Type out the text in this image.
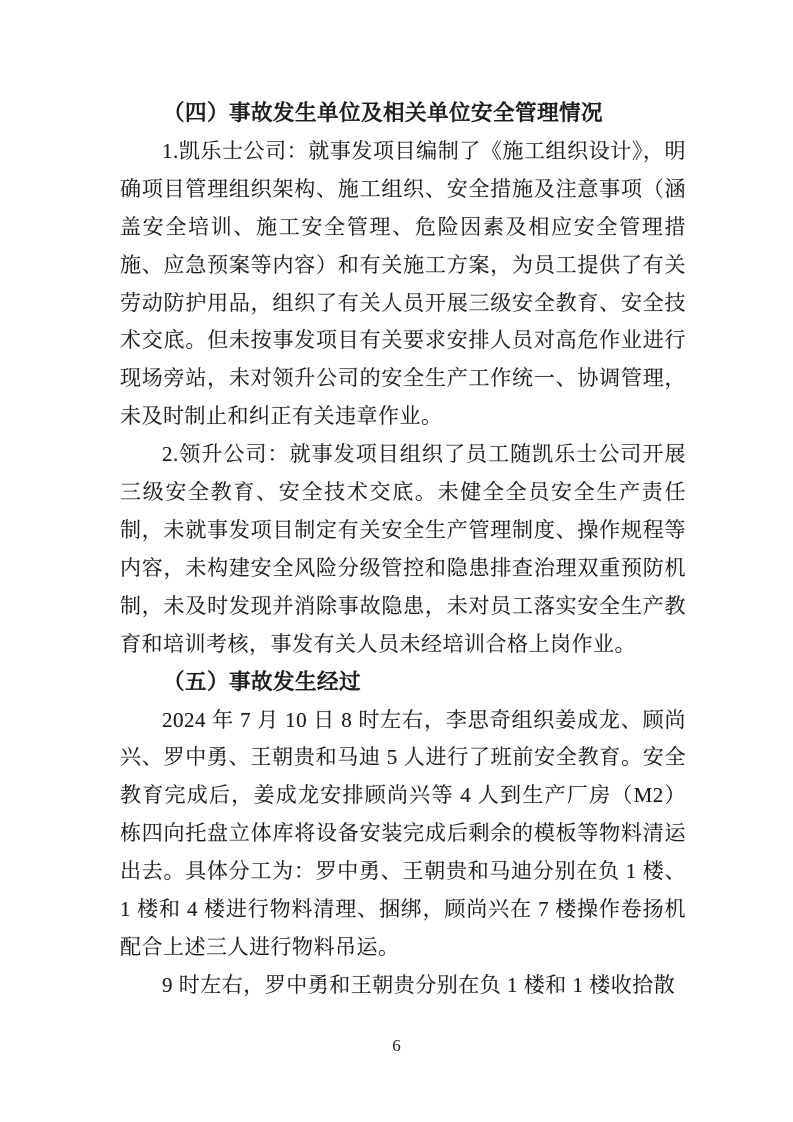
（四）事故发生单位及相关单位安全管理情况

1.凯乐士公司：就事发项目编制了《施工组织设计》，明确项目管理组织架构、施工组织、安全措施及注意事项（涵盖安全培训、施工安全管理、危险因素及相应安全管理措施、应急预案等内容）和有关施工方案，为员工提供了有关劳动防护用品，组织了有关人员开展三级安全教育、安全技术交底。但未按事发项目有关要求安排人员对高危作业进行现场旁站，未对领升公司的安全生产工作统一、协调管理，未及时制止和纠正有关违章作业。

2.领升公司：就事发项目组织了员工随凯乐士公司开展三级安全教育、安全技术交底。未健全全员安全生产责任制，未就事发项目制定有关安全生产管理制度、操作规程等内容，未构建安全风险分级管控和隐患排查治理双重预防机制，未及时发现并消除事故隐患，未对员工落实安全生产教育和培训考核，事发有关人员未经培训合格上岗作业。

（五）事故发生经过

2024 年 7 月 10 日 8 时左右，李思奇组织姜成龙、顾尚兴、罗中勇、王朝贵和马迪 5 人进行了班前安全教育。安全教育完成后，姜成龙安排顾尚兴等 4 人到生产厂房（M2）栋四向托盘立体库将设备安装完成后剩余的模板等物料清运出去。具体分工为：罗中勇、王朝贵和马迪分别在负 1 楼、1 楼和 4 楼进行物料清理、捆绑，顾尚兴在 7 楼操作卷扬机配合上述三人进行物料吊运。

9 时左右，罗中勇和王朝贵分别在负 1 楼和 1 楼收拾散

6
